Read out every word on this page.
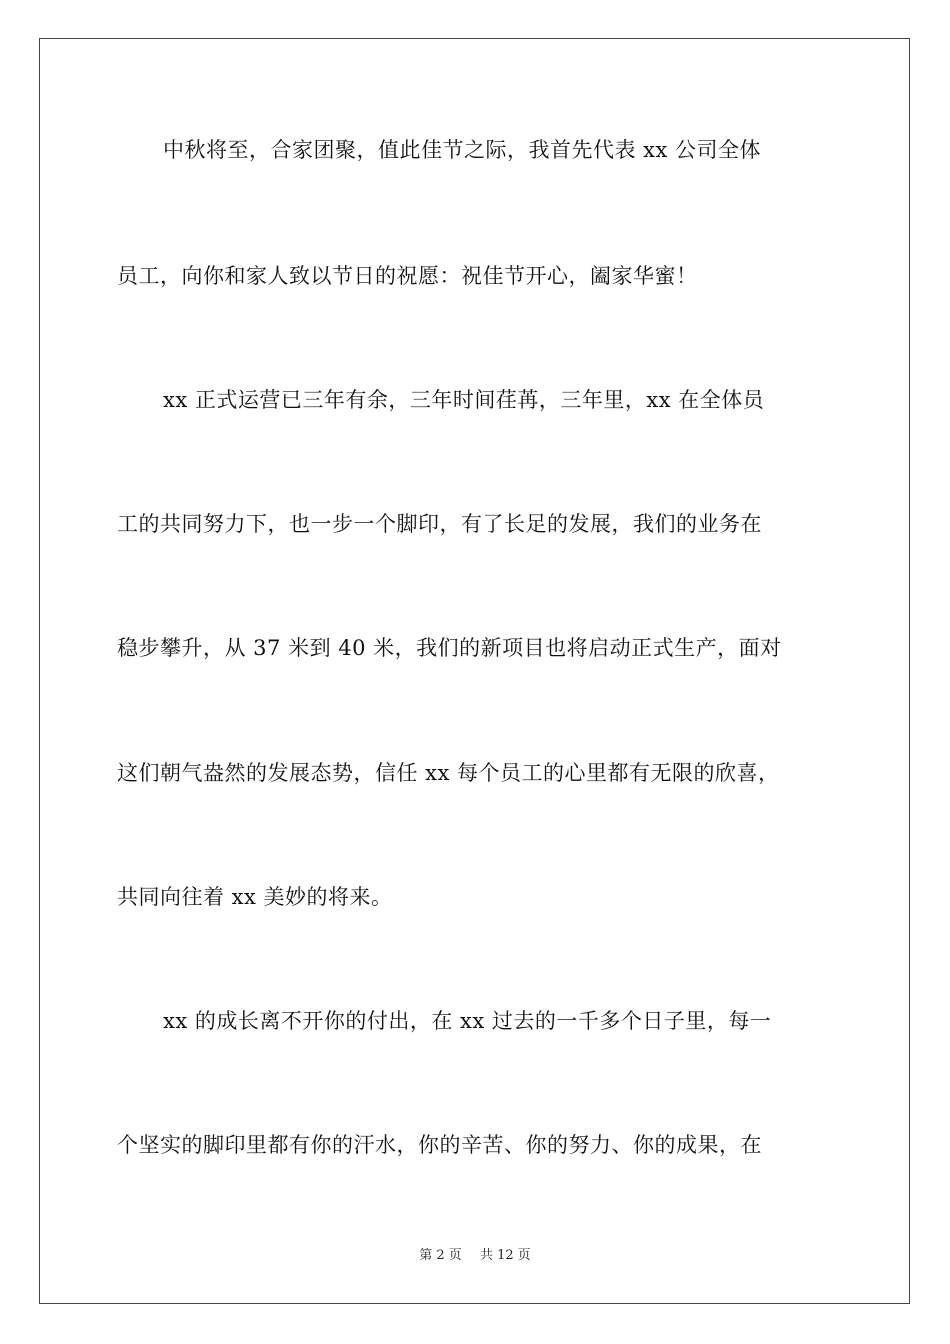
中秋将至，合家团聚，值此佳节之际，我首先代表 xx 公司全体
员工，向你和家人致以节日的祝愿：祝佳节开心，阖家华蜜！
xx 正式运营已三年有余，三年时间荏苒，三年里，xx 在全体员
工的共同努力下，也一步一个脚印，有了长足的发展，我们的业务在
稳步攀升，从 37 米到 40 米，我们的新项目也将启动正式生产，面对
这们朝气盎然的发展态势，信任 xx 每个员工的心里都有无限的欣喜，
共同向往着 xx 美妙的将来。
xx 的成长离不开你的付出，在 xx 过去的一千多个日子里，每一
个坚实的脚印里都有你的汗水，你的辛苦、你的努力、你的成果，在
第 2 页 共 12 页
